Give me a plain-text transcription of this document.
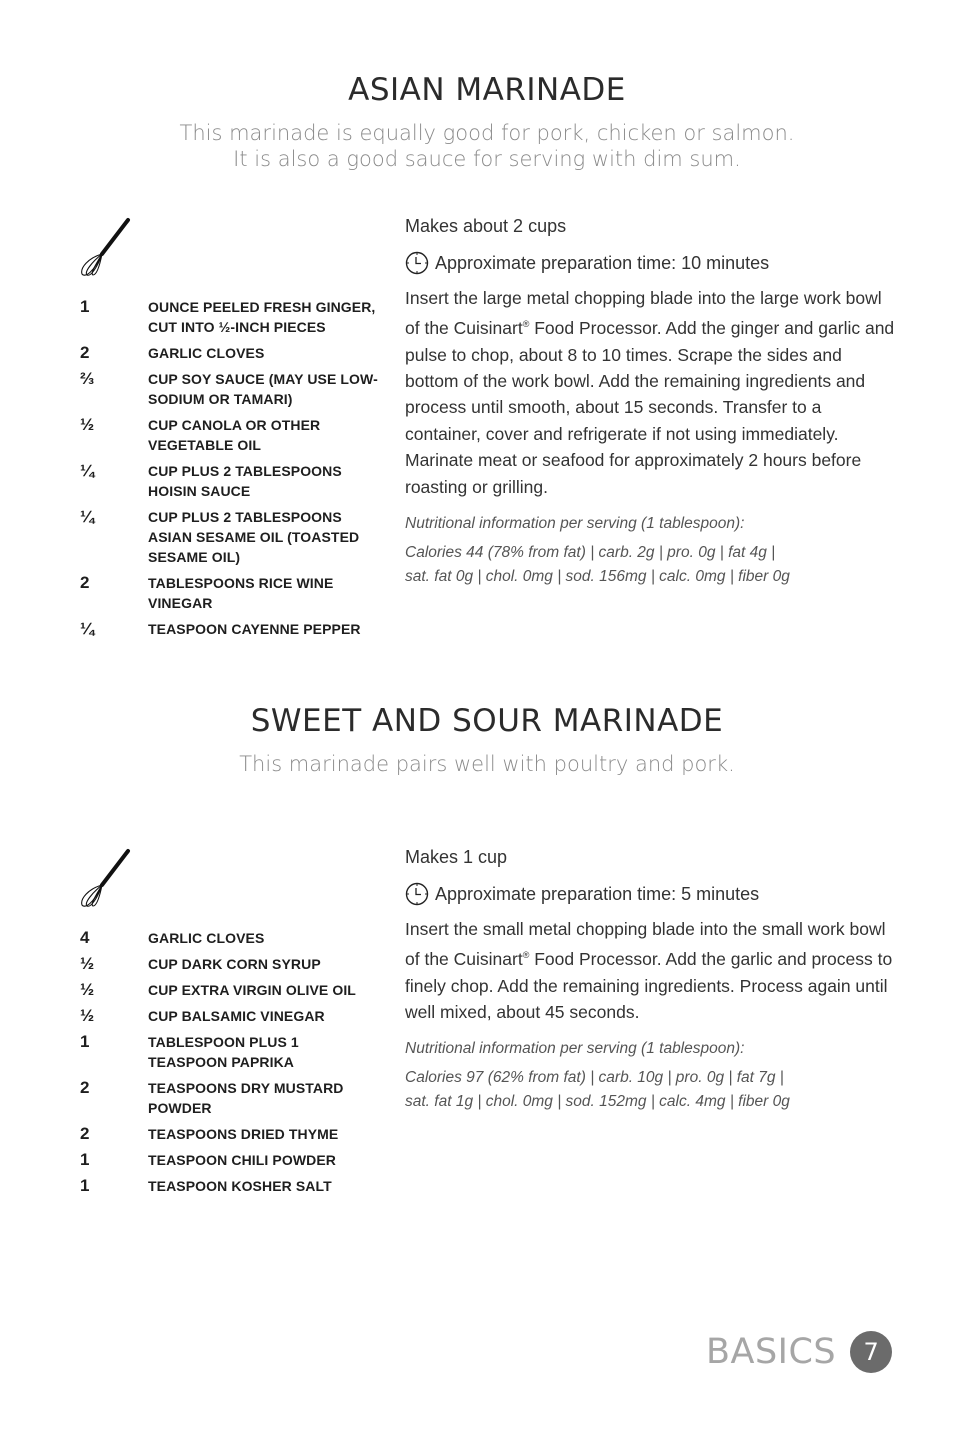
ASIAN MARINADE
This marinade is equally good for pork, chicken or salmon.
It is also a good sauce for serving with dim sum.
1	OUNCE PEELED FRESH GINGER, CUT INTO ½-INCH PIECES
2	GARLIC CLOVES
⅔	CUP SOY SAUCE (MAY USE LOW-SODIUM OR TAMARI)
½	CUP CANOLA OR OTHER VEGETABLE OIL
¼	CUP PLUS 2 TABLESPOONS HOISIN SAUCE
¼	CUP PLUS 2 TABLESPOONS ASIAN SESAME OIL (TOASTED SESAME OIL)
2	TABLESPOONS RICE WINE VINEGAR
¼	TEASPOON CAYENNE PEPPER

Makes about 2 cups

Approximate preparation time: 10 minutes

Insert the large metal chopping blade into the large work bowl of the Cuisinart® Food Processor. Add the ginger and garlic and pulse to chop, about 8 to 10 times. Scrape the sides and bottom of the work bowl. Add the remaining ingredients and process until smooth, about 15 seconds. Transfer to a container, cover and refrigerate if not using immediately. Marinate meat or seafood for approximately 2 hours before roasting or grilling.

Nutritional information per serving (1 tablespoon):

Calories 44 (78% from fat) | carb. 2g | pro. 0g | fat 4g |

sat. fat 0g | chol. 0mg | sod. 156mg | calc. 0mg | fiber 0g

SWEET AND SOUR MARINADE
This marinade pairs well with poultry and pork.
4	GARLIC CLOVES
½	CUP DARK CORN SYRUP
½	CUP EXTRA VIRGIN OLIVE OIL
½	CUP BALSAMIC VINEGAR
1	TABLESPOON PLUS 1 TEASPOON PAPRIKA
2	TEASPOONS DRY MUSTARD POWDER
2	TEASPOONS DRIED THYME
1	TEASPOON CHILI POWDER
1	TEASPOON KOSHER SALT

Makes 1 cup

Approximate preparation time: 5 minutes

Insert the small metal chopping blade into the small work bowl of the Cuisinart® Food Processor. Add the garlic and process to finely chop. Add the remaining ingredients. Process again until well mixed, about 45 seconds.

Nutritional information per serving (1 tablespoon):

Calories 97 (62% from fat) | carb. 10g | pro. 0g | fat 7g |

sat. fat 1g | chol. 0mg | sod. 152mg | calc. 4mg | fiber 0g

BASICS	7
